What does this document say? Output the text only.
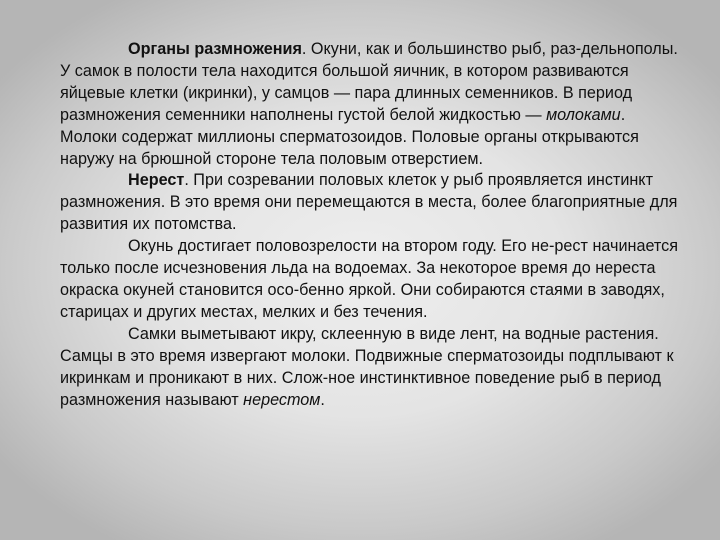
Органы размножения. Окуни, как и большинство рыб, раз-дельнополы. У самок в полости тела находится большой яичник, в котором развиваются яйцевые клетки (икринки), у самцов — пара длинных семенников. В период размножения семенники наполнены густой белой жидкостью — молоками. Молоки содержат миллионы сперматозоидов. Половые органы открываются наружу на брюшной стороне тела половым отверстием.

Нерест. При созревании половых клеток у рыб проявляется инстинкт размножения. В это время они перемещаются в места, более благоприятные для развития их потомства.

Окунь достигает половозрелости на втором году. Его не-рест начинается только после исчезновения льда на водоемах. За некоторое время до нереста окраска окуней становится осо-бенно яркой. Они собираются стаями в заводях, старицах и других местах, мелких и без течения.

Самки выметывают икру, склеенную в виде лент, на водные растения. Самцы в это время извергают молоки. Подвижные сперматозоиды подплывают к икринкам и проникают в них. Слож-ное инстинктивное поведение рыб в период размножения называют нерестом.
